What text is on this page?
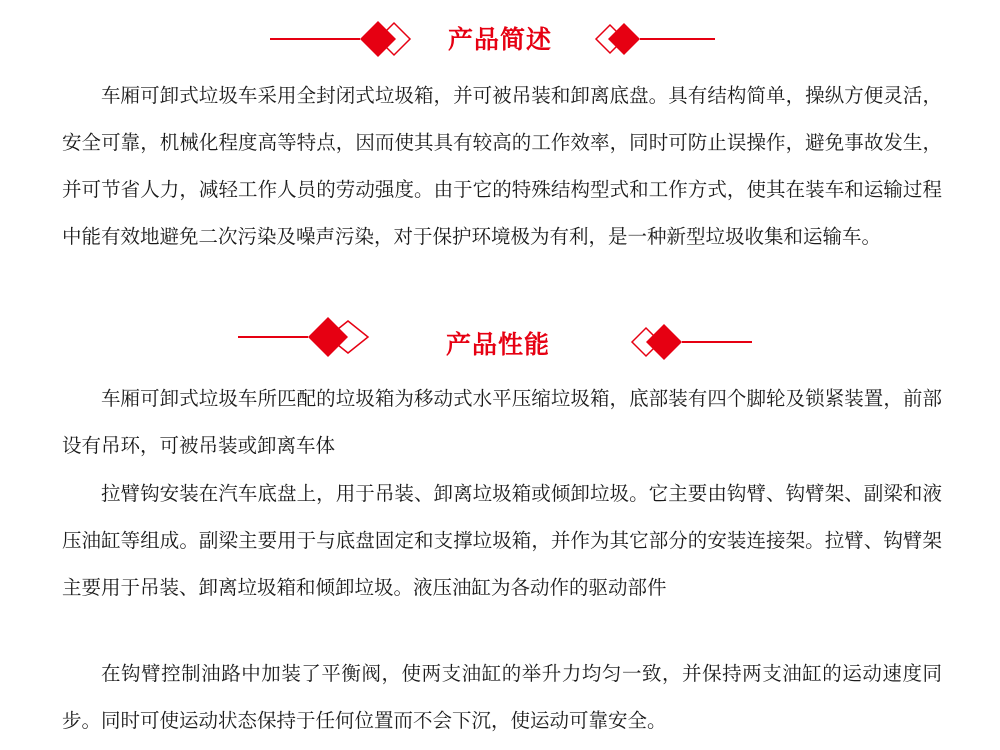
产品简述

车厢可卸式垃圾车采用全封闭式垃圾箱，并可被吊装和卸离底盘。具有结构简单，操纵方便灵活，安全可靠，机械化程度高等特点，因而使其具有较高的工作效率，同时可防止误操作，避免事故发生，并可节省人力，减轻工作人员的劳动强度。由于它的特殊结构型式和工作方式，使其在装车和运输过程中能有效地避免二次污染及噪声污染，对于保护环境极为有利，是一种新型垃圾收集和运输车。

产品性能

车厢可卸式垃圾车所匹配的垃圾箱为移动式水平压缩垃圾箱，底部装有四个脚轮及锁紧装置，前部设有吊环，可被吊装或卸离车体

拉臂钩安装在汽车底盘上，用于吊装、卸离垃圾箱或倾卸垃圾。它主要由钩臂、钩臂架、副梁和液压油缸等组成。副梁主要用于与底盘固定和支撑垃圾箱，并作为其它部分的安装连接架。拉臂、钩臂架主要用于吊装、卸离垃圾箱和倾卸垃圾。液压油缸为各动作的驱动部件

在钩臂控制油路中加装了平衡阀，使两支油缸的举升力均匀一致，并保持两支油缸的运动速度同步。同时可使运动状态保持于任何位置而不会下沉，使运动可靠安全。
